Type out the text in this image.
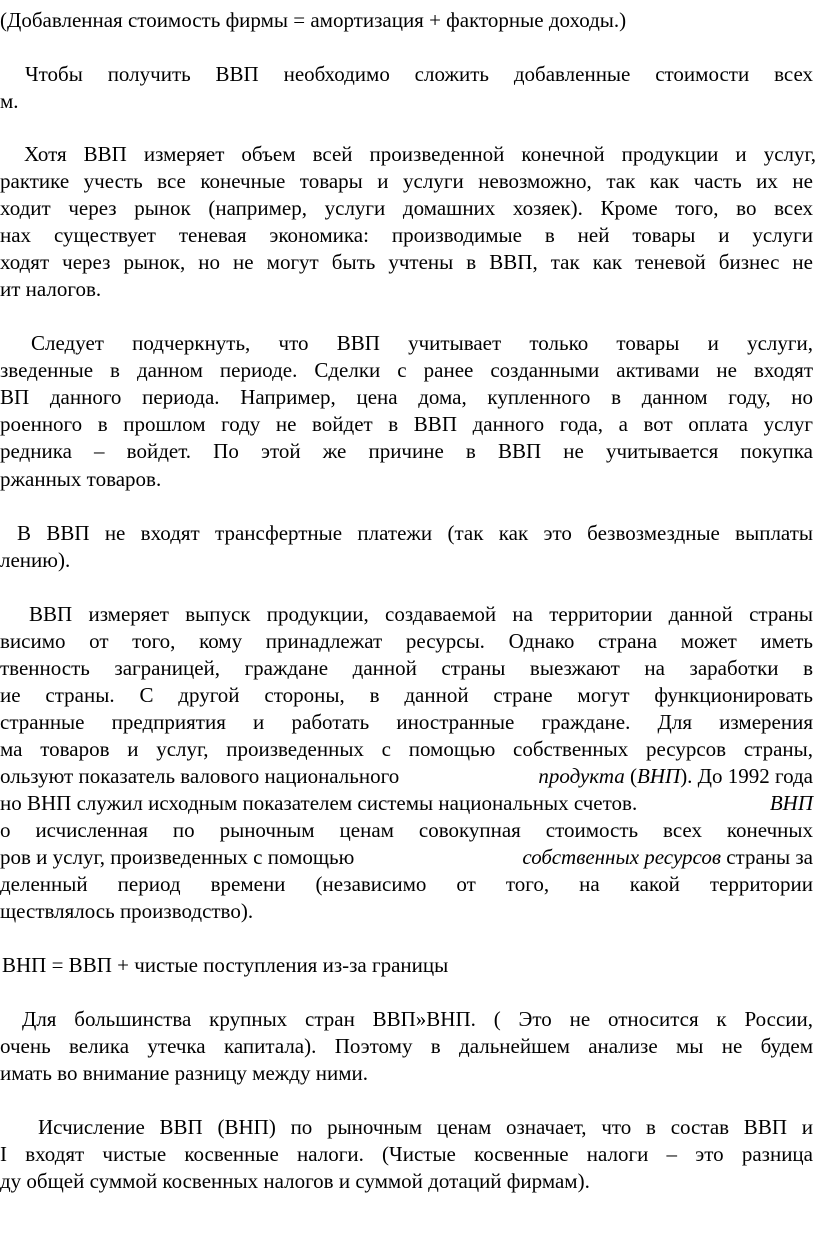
(Добавленная стоимость фирмы = амортизация + факторные доходы.)
Чтобы получить ВВП необходимо сложить добавленные стоимости всех
м.
Хотя ВВП измеряет объем всей произведенной конечной продукции и услуг,
рактике учесть все конечные товары и услуги невозможно, так как часть их не
ходит через рынок (например, услуги домашних хозяек). Кроме того, во всех
нах существует теневая экономика: производимые в ней товары и услуги
ходят через рынок, но не могут быть учтены в ВВП, так как теневой бизнес не
ит налогов.
Следует подчеркнуть, что ВВП учитывает только товары и услуги,
зведенные в данном периоде. Сделки с ранее созданными активами не входят
ВП данного периода. Например, цена дома, купленного в данном году, но
роенного в прошлом году не войдет в ВВП данного года, а вот оплата услуг
редника – войдет. По этой же причине в ВВП не учитывается покупка
ржанных товаров.
В ВВП не входят трансфертные платежи (так как это безвозмездные выплаты
лению).
ВВП измеряет выпуск продукции, создаваемой на территории данной страны
висимо от того, кому принадлежат ресурсы. Однако страна может иметь
твенность заграницей, граждане данной страны выезжают на заработки в
ие страны. С другой стороны, в данной стране могут функционировать
странные предприятия и работать иностранные граждане. Для измерения
ма товаров и услуг, произведенных с помощью собственных ресурсов страны,
ользуют показатель валового национального	продукта (ВНП). До 1992 года
но ВНП служил исходным показателем системы национальных счетов.	ВНП
о исчисленная по рыночным ценам совокупная стоимость всех конечных
ров и услуг, произведенных с помощью	собственных ресурсов страны за
деленный период времени (независимо от того, на какой территории
ществлялось производство).
ВНП = ВВП + чистые поступления из-за границы
Для большинства крупных стран ВВП»ВНП. ( Это не относится к России,
очень велика утечка капитала). Поэтому в дальнейшем анализе мы не будем
имать во внимание разницу между ними.
Исчисление ВВП (ВНП) по рыночным ценам означает, что в состав ВВП и
I входят чистые косвенные налоги. (Чистые косвенные налоги – это разница
ду общей суммой косвенных налогов и суммой дотаций фирмам).
